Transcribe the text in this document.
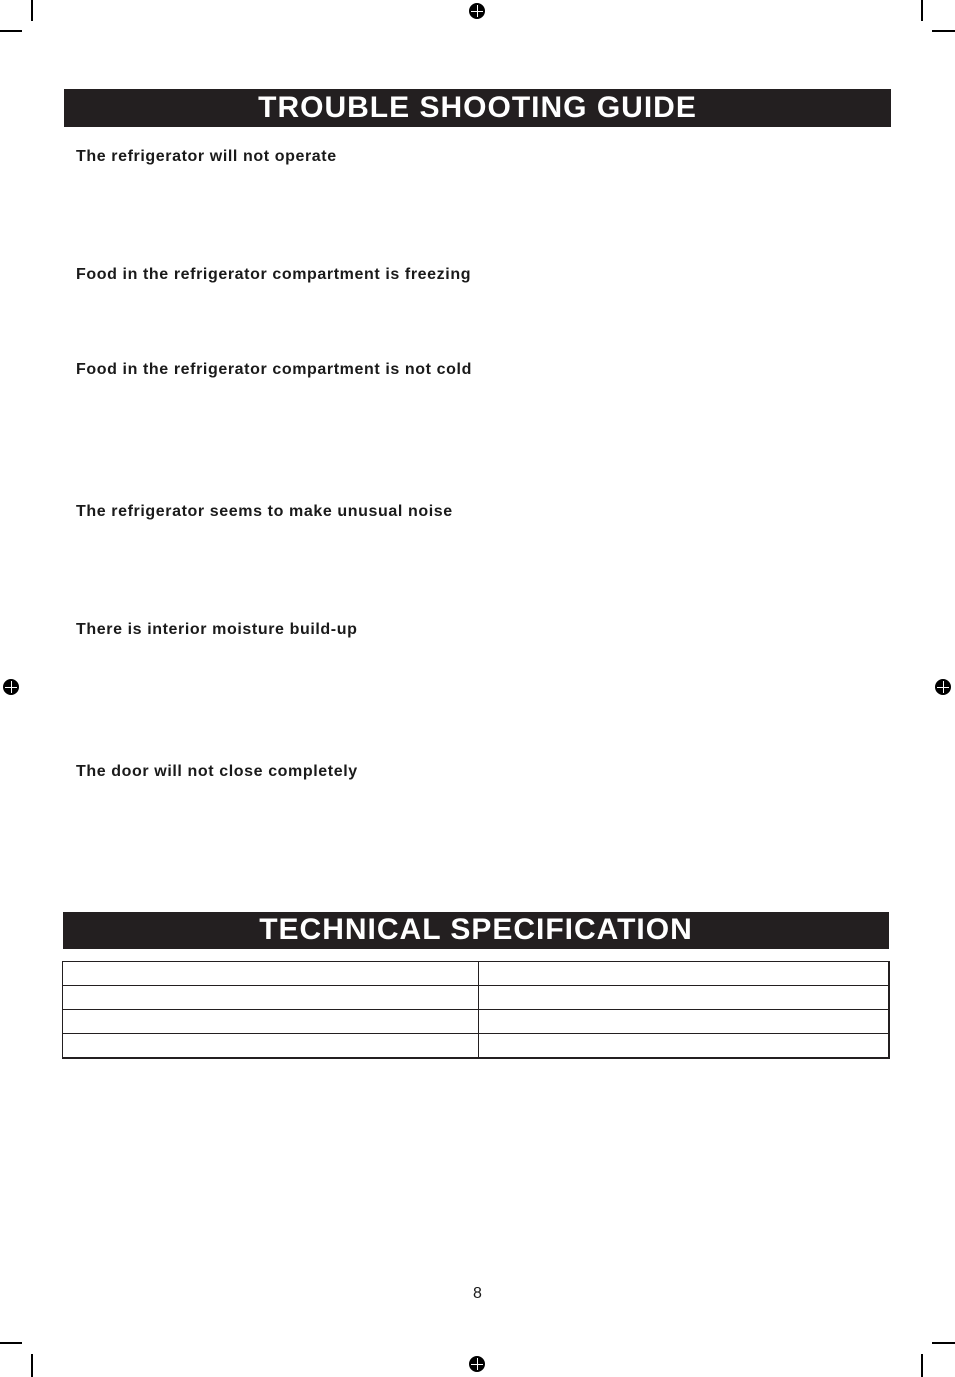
TROUBLE SHOOTING GUIDE
The refrigerator will not operate
Food in the refrigerator compartment is freezing
Food in the refrigerator compartment is not cold
The refrigerator seems to make unusual noise
There is interior moisture build-up
The door will not close completely
TECHNICAL SPECIFICATION

8
